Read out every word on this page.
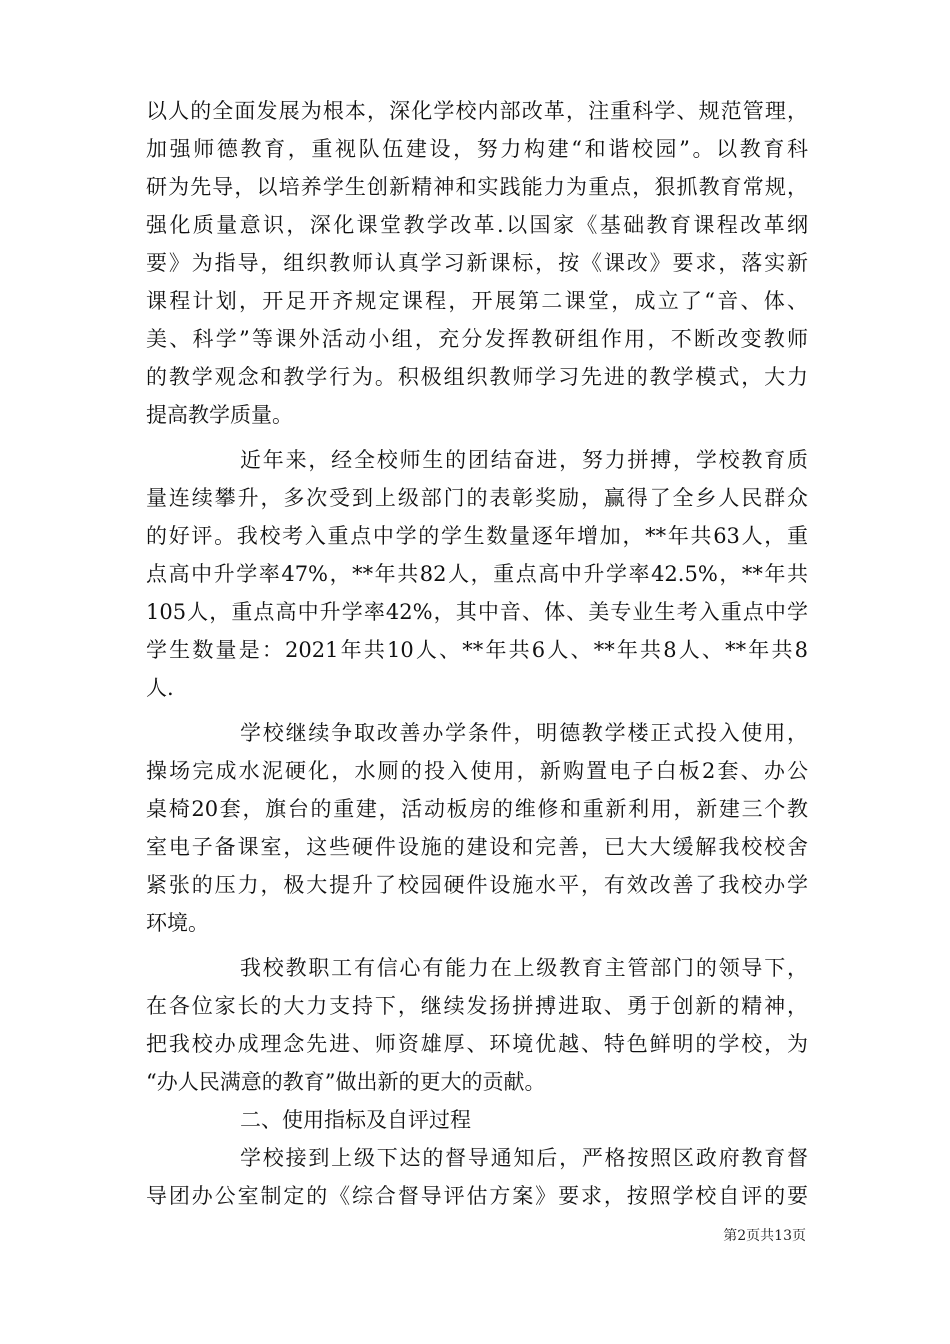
以人的全面发展为根本，深化学校内部改革，注重科学、规范管理，
加强师德教育，重视队伍建设，努力构建“和谐校园”。以教育科
研为先导，以培养学生创新精神和实践能力为重点，狠抓教育常规，
强化质量意识，深化课堂教学改革.以国家《基础教育课程改革纲
要》为指导，组织教师认真学习新课标，按《课改》要求，落实新
课程计划，开足开齐规定课程，开展第二课堂，成立了“音、体、
美、科学”等课外活动小组，充分发挥教研组作用，不断改变教师
的教学观念和教学行为。积极组织教师学习先进的教学模式，大力
提高教学质量。
近年来，经全校师生的团结奋进，努力拼搏，学校教育质
量连续攀升，多次受到上级部门的表彰奖励，赢得了全乡人民群众
的好评。我校考入重点中学的学生数量逐年增加，**年共63人，重
点高中升学率47%，**年共82人，重点高中升学率42.5%，**年共
105人，重点高中升学率42%，其中音、体、美专业生考入重点中学
学生数量是：2021年共10人、**年共6人、**年共8人、**年共8
人.
学校继续争取改善办学条件，明德教学楼正式投入使用，
操场完成水泥硬化，水厕的投入使用，新购置电子白板2套、办公
桌椅20套，旗台的重建，活动板房的维修和重新利用，新建三个教
室电子备课室，这些硬件设施的建设和完善，已大大缓解我校校舍
紧张的压力，极大提升了校园硬件设施水平，有效改善了我校办学
环境。
我校教职工有信心有能力在上级教育主管部门的领导下，
在各位家长的大力支持下，继续发扬拼搏进取、勇于创新的精神，
把我校办成理念先进、师资雄厚、环境优越、特色鲜明的学校，为
“办人民满意的教育”做出新的更大的贡献。
二、使用指标及自评过程
学校接到上级下达的督导通知后，严格按照区政府教育督
导团办公室制定的《综合督导评估方案》要求，按照学校自评的要
第2页共13页
